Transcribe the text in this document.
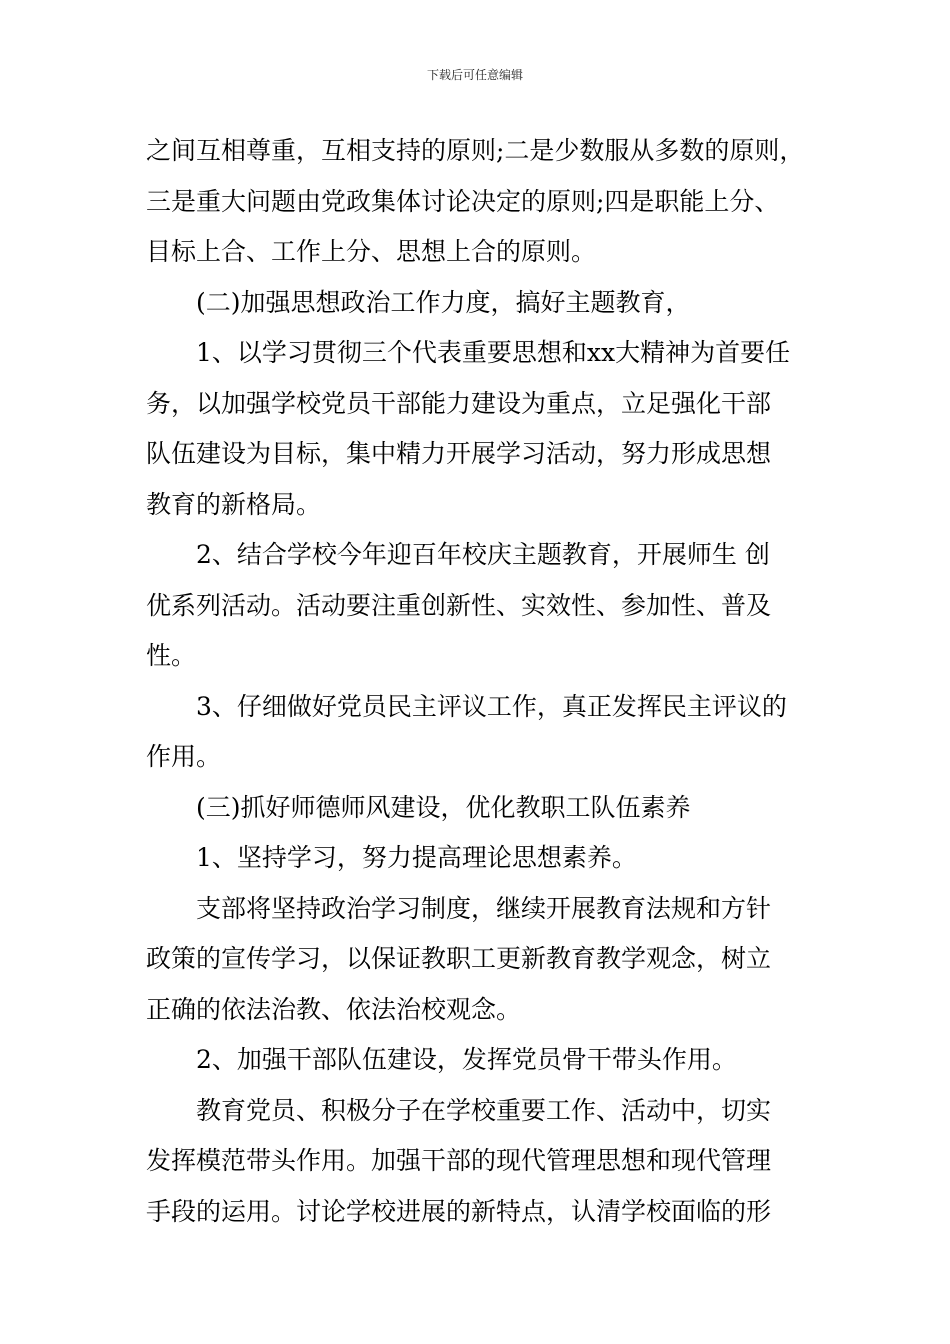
下载后可任意编辑
之间互相尊重，互相支持的原则;二是少数服从多数的原则，
三是重大问题由党政集体讨论决定的原则;四是职能上分、
目标上合、工作上分、思想上合的原则。
(二)加强思想政治工作力度，搞好主题教育，
1、以学习贯彻三个代表重要思想和xx大精神为首要任
务，以加强学校党员干部能力建设为重点，立足强化干部
队伍建设为目标，集中精力开展学习活动，努力形成思想
教育的新格局。
2、结合学校今年迎百年校庆主题教育，开展师生 创
优系列活动。活动要注重创新性、实效性、参加性、普及
性。
3、仔细做好党员民主评议工作，真正发挥民主评议的
作用。
(三)抓好师德师风建设，优化教职工队伍素养
1、坚持学习，努力提高理论思想素养。
支部将坚持政治学习制度，继续开展教育法规和方针
政策的宣传学习，以保证教职工更新教育教学观念，树立
正确的依法治教、依法治校观念。
2、加强干部队伍建设，发挥党员骨干带头作用。
教育党员、积极分子在学校重要工作、活动中，切实
发挥模范带头作用。加强干部的现代管理思想和现代管理
手段的运用。讨论学校进展的新特点，认清学校面临的形
